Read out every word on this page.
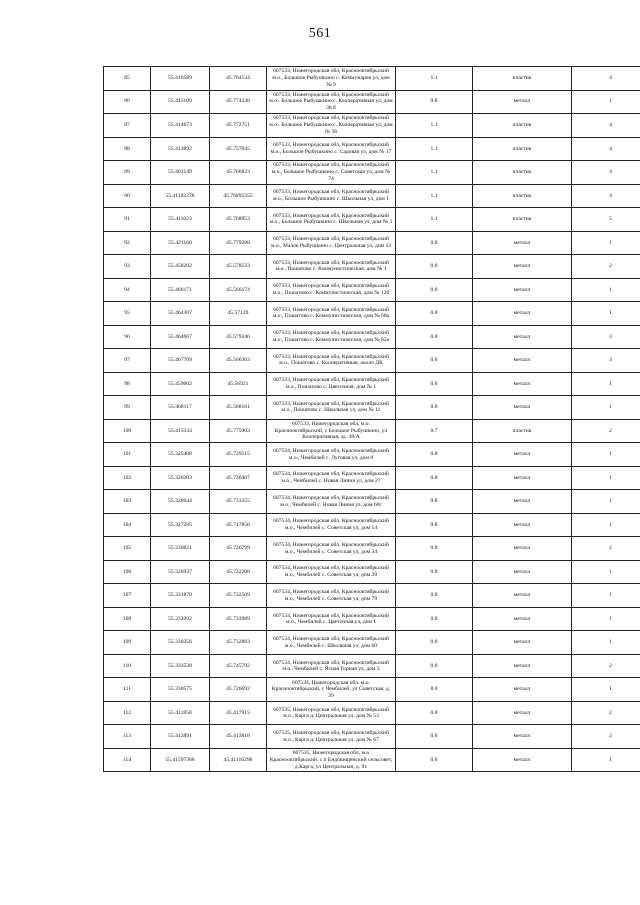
561
85	55.416589	45.764134	607533, Нижегородская обл, Краснооктябрьский м.о., Большое Рыбушкино с. Коммунаров ул, дом № 9	1.1	пластик	4
86	55.415109	45.774248	607533, Нижегородская обл, Краснооктябрьский м.о., Большое Рыбушкино с. Кооперативная ул, дом 38 б	0.8	металл	1
87	55.414673	45.772751	607533, Нижегородская обл, Краснооктябрьский м.о., Большое Рыбушкино с. Кооперативная ул, дом № 36	1.1	пластик	4
88	55.413892	45.757045	607533, Нижегородская обл, Краснооктябрьский м.о., Большое Рыбушкино с. Садовая ул, дом № 17	1.1	пластик	4
89	55.403149	45.766823	607533, Нижегородская обл, Краснооктябрьский м.о., Большое Рыбушкино с. Советская ул, дом № 74	1.1	пластик	4
90	55.41102378	45.76895355	607533, Нижегородская обл, Краснооктябрьский м.о., Большое Рыбушкино с. Школьная ул, дом 1	1.1	пластик	4
91	55.411023	45.768953	607533, Нижегородская обл, Краснооктябрьский м.о., Большое Рыбушкино с. Школьная ул, дом № 1	1.1	пластик	5
92	55.421160	45.779288	607533, Нижегородская обл, Краснооктябрьский м.о., Малое Рыбушкино с. Центральная ул, дом 12	0.8	металл	1
93	55.458202	45.578533	607533, Нижегородская обл, Краснооктябрьский м.о., Пошатово с. Коммунистическая, дом № 1	0.8	металл	2
94	55.460171	45.566174	607533, Нижегородская обл, Краснооктябрьский м.о., Пошатово с. Коммунистическая, дом № 120	0.8	металл	1
95	55.464307	45.57129	607533, Нижегородская обл, Краснооктябрьский м.о., Пошатово с. Коммунистическая, дом № 68а	0.8	металл	1
96	55.464667	45.579346	607533, Нижегородская обл, Краснооктябрьский м.о., Пошатово с. Коммунистическая, дом № 82а	0.8	металл	3
97	55.467709	45.566303	607533, Нижегородская обл, Краснооктябрьский м.о., Пошатово с. Кооперативная, около ДК	0.8	металл	3
98	55.459602	45.56921	607533, Нижегородская обл, Краснооктябрьский м.о., Пошатово с. Цветочная, дом № 1	0.8	металл	1
99	55.468117	45.568161	607533, Нижегородская обл, Краснооктябрьский м.о., Пошатово с. Школьная ул, дом № 11	0.8	металл	1
100	55.415334	45.775903	607533, Нижегородская обл, м.о. Краснооктябрьский, с Большое Рыбушкино, ул Кооперативная, зд. 38/А	0.7	пластик	2
101	55.325408	45.729515	607534, Нижегородская обл, Краснооктябрьский м.о., Чембилей с. Луговая ул, дом 8	0.8	металл	1
102	55.326203	45.726467	607534, Нижегородская обл, Краснооктябрьский м.о., Чембилей с. Новая Линия ул, дом 27	0.8	металл	1
103	55.328644	45.733355	607534, Нижегородская обл, Краснооктябрьский м.о., Чембилей с. Новая Линия ул, дом 60г	0.8	металл	1
104	55.327285	45.717856	607534, Нижегородская обл, Краснооктябрьский м.о., Чембилей с. Советская ул, дом 14	0.8	металл	1
105	55.330821	45.726799	607534, Нижегородская обл, Краснооктябрьский м.о., Чембилей с. Советская ул, дом 34	0.8	металл	2
106	55.326937	45.722208	607534, Нижегородская обл, Краснооктябрьский м.о., Чембилей с. Советская ул, дом 39	0.8	металл	1
107	55.331870	45.732569	607534, Нижегородская обл, Краснооктябрьский м.о., Чембилей с. Советская ул, дом 79	0.8	металл	1
108	55.332092	45.733989	607534, Нижегородская обл, Краснооктябрьский м.о., Чембилей с. Цветочная ул, дом 1	0.8	металл	1
109	55.330356	45.732883	607534, Нижегородская обл, Краснооктябрьский м.о., Чембилей с. Школьная ул, дом 60	0.8	металл	1
110	55.333538	45.745792	607534, Нижегородская обл, Краснооктябрьский м.о., Чембилей с. Ясная Горная ул, дом 3	0.8	металл	2
111	55.330575	45.726692	607534, Нижегородская обл. м.о. Краснооктябрьский, с Чембилей, ул Советская, д. 39	8.0	металл	1
112	55.411858	45.417915	607535, Нижегородская обл, Краснооктябрьский м.о., Карга д. Центральная ул, дом № 53	0.8	металл	2
113	55.413891	45.413818	607535, Нижегородская обл, Краснооктябрьский м.о., Карга д. Центральная ул, дом № 67	0.8	металл	2
114	55.41597368	45.41116296	607535, Нижегородская обл, м.о Краснооктябрьский, с.п Ендовищенский сельсовет, д.Карга, ул Центральная, д. 91	0.8	металл	1
